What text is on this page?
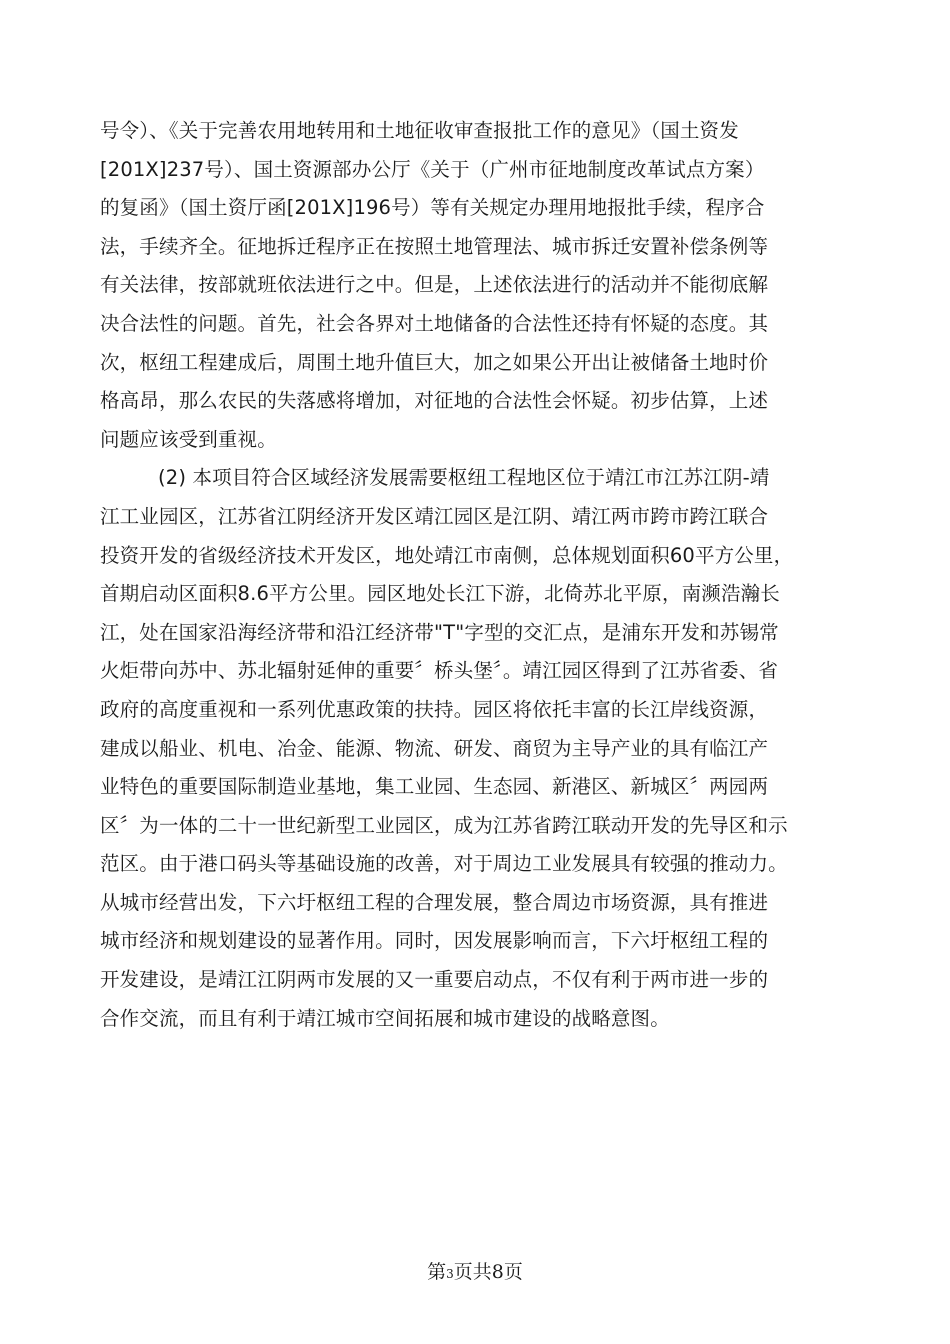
号令）、《关于完善农用地转用和土地征收审查报批工作的意见》（国土资发
[201X]237号）、国土资源部办公厅《关于（广州市征地制度改革试点方案）
的复函》（国土资厅函[201X]196号）等有关规定办理用地报批手续，程序合
法，手续齐全。征地拆迁程序正在按照土地管理法、城市拆迁安置补偿条例等
有关法律，按部就班依法进行之中。但是，上述依法进行的活动并不能彻底解
决合法性的问题。首先，社会各界对土地储备的合法性还持有怀疑的态度。其
次，枢纽工程建成后，周围土地升值巨大，加之如果公开出让被储备土地时价
格高昂，那么农民的失落感将增加，对征地的合法性会怀疑。初步估算，上述
问题应该受到重视。
(2) 本项目符合区域经济发展需要枢纽工程地区位于靖江市江苏江阴-靖
江工业园区，江苏省江阴经济开发区靖江园区是江阴、靖江两市跨市跨江联合
投资开发的省级经济技术开发区，地处靖江市南侧，总体规划面积60平方公里，
首期启动区面积8.6平方公里。园区地处长江下游，北倚苏北平原，南濒浩瀚长
江，处在国家沿海经济带和沿江经济带"T"字型的交汇点，是浦东开发和苏锡常
火炬带向苏中、苏北辐射延伸的重要〞桥头堡〞。靖江园区得到了江苏省委、省
政府的高度重视和一系列优惠政策的扶持。园区将依托丰富的长江岸线资源，
建成以船业、机电、冶金、能源、物流、研发、商贸为主导产业的具有临江产
业特色的重要国际制造业基地，集工业园、生态园、新港区、新城区〞两园两
区〞为一体的二十一世纪新型工业园区，成为江苏省跨江联动开发的先导区和示
范区。由于港口码头等基础设施的改善，对于周边工业发展具有较强的推动力。
从城市经营出发，下六圩枢纽工程的合理发展，整合周边市场资源，具有推进
城市经济和规划建设的显著作用。同时，因发展影响而言，下六圩枢纽工程的
开发建设，是靖江江阴两市发展的又一重要启动点，不仅有利于两市进一步的
合作交流，而且有利于靖江城市空间拓展和城市建设的战略意图。
第3页共8页
